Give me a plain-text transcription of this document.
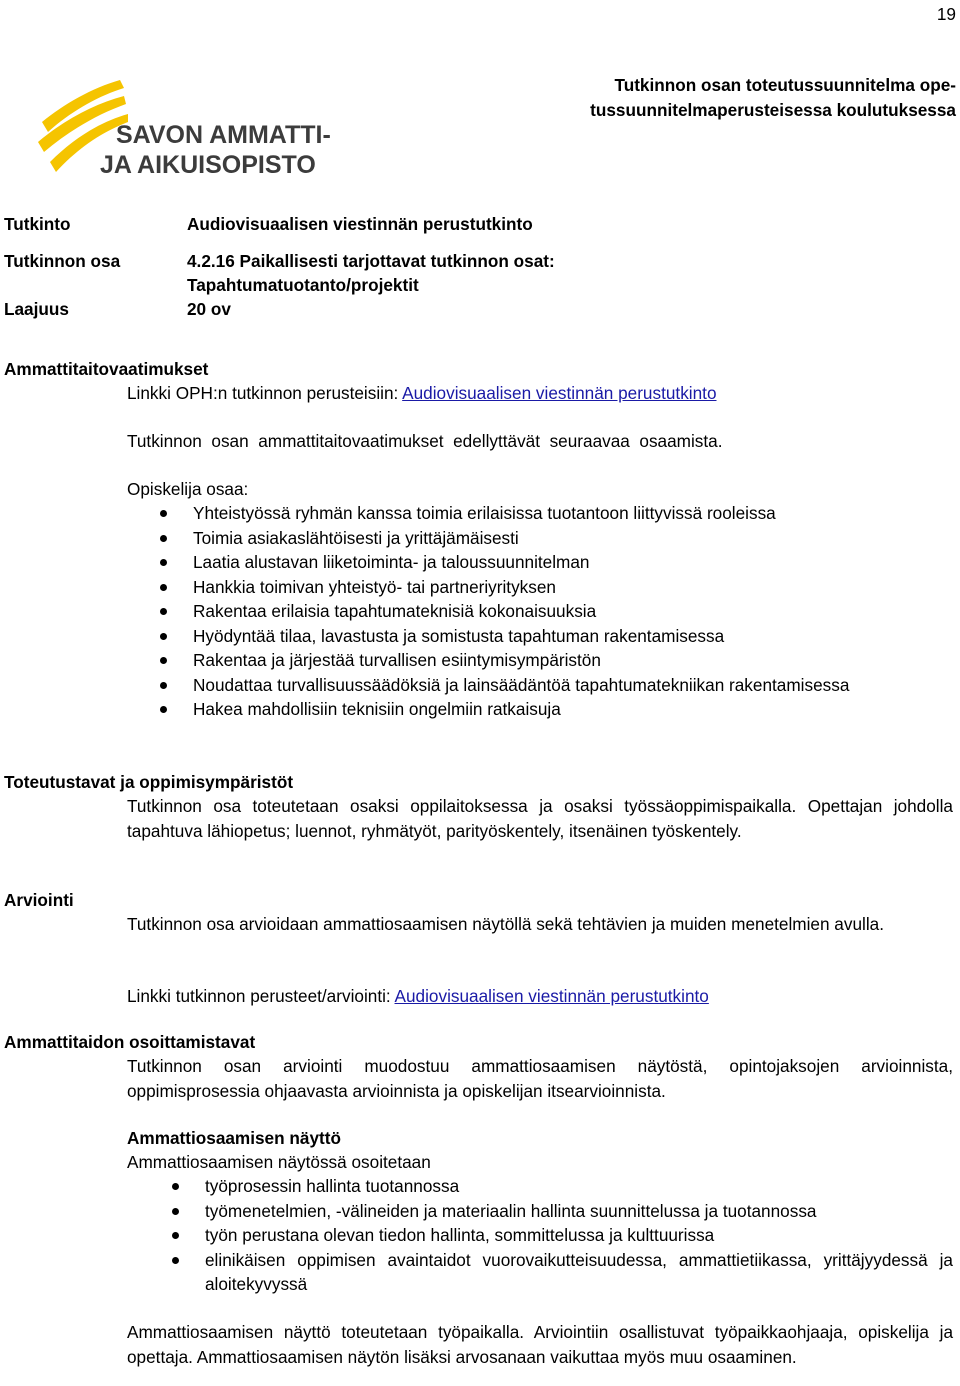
19
SAVON AMMATTI-
JA AIKUISOPISTO
Tutkinnon osan toteutussuunnitelma ope-
tussuunnitelmaperusteisessa koulutuksessa
Tutkinto	Audiovisuaalisen viestinnän perustutkinto
Tutkinnon osa	4.2.16 Paikallisesti tarjottavat tutkinnon osat:
Tapahtumatuotanto/projektit
Laajuus	20 ov
Ammattitaitovaatimukset
Linkki OPH:n tutkinnon perusteisiin: Audiovisuaalisen viestinnän perustutkinto
Tutkinnon  osan  ammattitaitovaatimukset  edellyttävät  seuraavaa  osaamista.
Opiskelija osaa:
Yhteistyössä ryhmän kanssa toimia erilaisissa tuotantoon liittyvissä rooleissa
Toimia asiakaslähtöisesti ja yrittäjämäisesti
Laatia alustavan liiketoiminta- ja taloussuunnitelman
Hankkia toimivan yhteistyö- tai partneriyrityksen
Rakentaa erilaisia tapahtumateknisiä kokonaisuuksia
Hyödyntää tilaa, lavastusta ja somistusta tapahtuman rakentamisessa
Rakentaa ja järjestää turvallisen esiintymisympäristön
Noudattaa turvallisuussäädöksiä ja lainsäädäntöä tapahtumatekniikan rakentamisessa
Hakea mahdollisiin teknisiin ongelmiin ratkaisuja
Toteutustavat ja oppimisympäristöt
Tutkinnon osa toteutetaan osaksi oppilaitoksessa ja osaksi työssäoppimispaikalla. Opettajan johdolla tapahtuva lähiopetus; luennot, ryhmätyöt, parityöskentely, itsenäinen työskentely.
Arviointi
Tutkinnon osa arvioidaan ammattiosaamisen näytöllä sekä tehtävien ja muiden menetelmien avulla.
Linkki tutkinnon perusteet/arviointi: Audiovisuaalisen viestinnän perustutkinto
Ammattitaidon osoittamistavat
Tutkinnon osan arviointi muodostuu ammattiosaamisen näytöstä, opintojaksojen arvioinnista, oppimisprosessia ohjaavasta arvioinnista ja opiskelijan itsearvioinnista.
Ammattiosaamisen näyttö
Ammattiosaamisen näytössä osoitetaan
työprosessin hallinta tuotannossa
työmenetelmien, -välineiden ja materiaalin hallinta suunnittelussa ja tuotannossa
työn perustana olevan tiedon hallinta, sommittelussa ja kulttuurissa
elinikäisen oppimisen avaintaidot vuorovaikutteisuudessa, ammattietiikassa, yrittäjyydessä ja aloitekyvyssä
Ammattiosaamisen näyttö toteutetaan työpaikalla. Arviointiin osallistuvat työpaikkaohjaaja, opiskelija ja opettaja. Ammattiosaamisen näytön lisäksi arvosanaan vaikuttaa myös muu osaaminen.
